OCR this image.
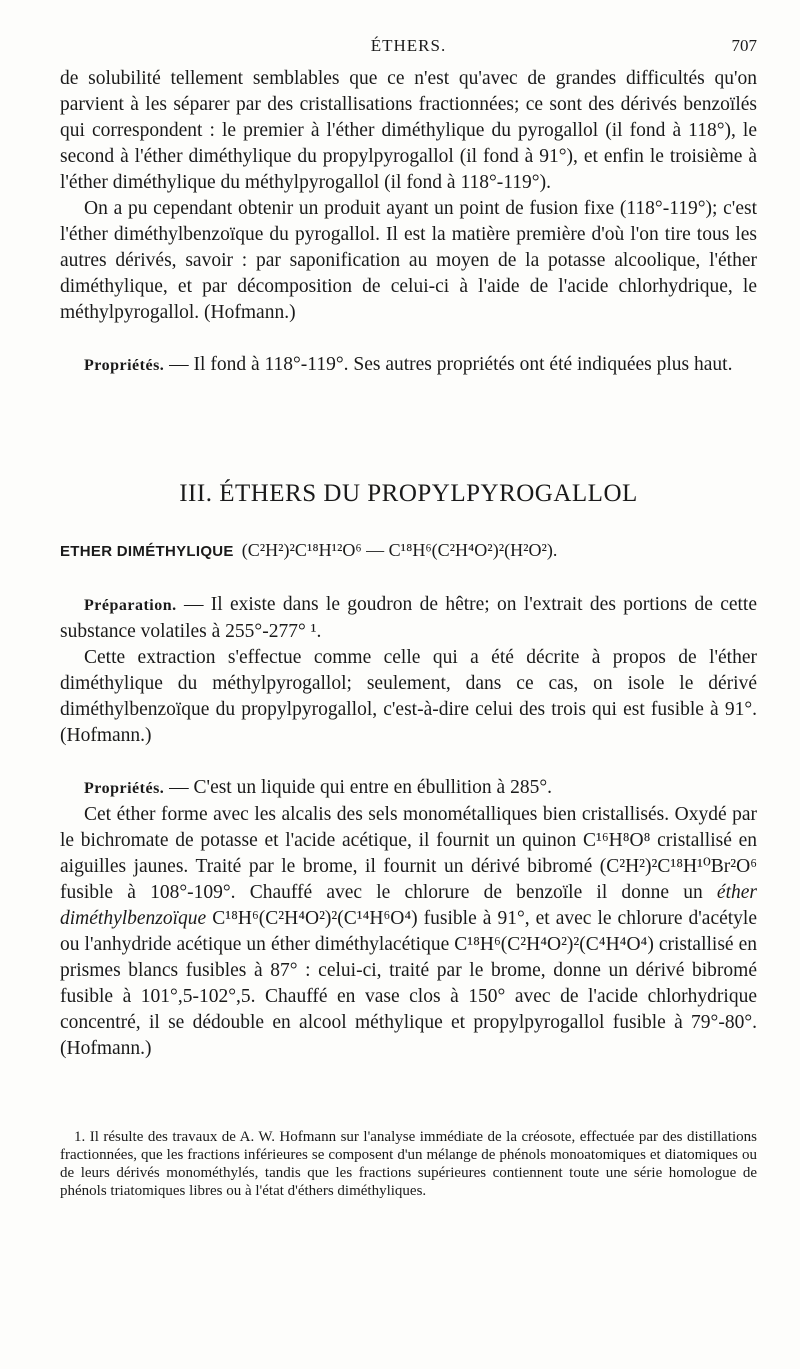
ÉTHERS.	707

de solubilité tellement semblables que ce n'est qu'avec de grandes difficultés qu'on parvient à les séparer par des cristallisations fractionnées; ce sont des dérivés benzoïlés qui correspondent : le premier à l'éther diméthylique du pyrogallol (il fond à 118°), le second à l'éther diméthylique du propylpyrogallol (il fond à 91°), et enfin le troisième à l'éther diméthylique du méthylpyrogallol (il fond à 118°-119°).

On a pu cependant obtenir un produit ayant un point de fusion fixe (118°-119°); c'est l'éther diméthylbenzoïque du pyrogallol. Il est la matière première d'où l'on tire tous les autres dérivés, savoir : par saponification au moyen de la potasse alcoolique, l'éther diméthylique, et par décomposition de celui-ci à l'aide de l'acide chlorhydrique, le méthylpyrogallol. (Hofmann.)

Propriétés. — Il fond à 118°-119°. Ses autres propriétés ont été indiquées plus haut.

III. ÉTHERS DU PROPYLPYROGALLOL
ETHER DIMÉTHYLIQUE (C²H²)²C¹⁸H¹²O⁶ — C¹⁸H⁶(C²H⁴O²)²(H²O²).

Préparation. — Il existe dans le goudron de hêtre; on l'extrait des portions de cette substance volatiles à 255°-277° ¹.

Cette extraction s'effectue comme celle qui a été décrite à propos de l'éther diméthylique du méthylpyrogallol; seulement, dans ce cas, on isole le dérivé diméthylbenzoïque du propylpyrogallol, c'est-à-dire celui des trois qui est fusible à 91°. (Hofmann.)

Propriétés. — C'est un liquide qui entre en ébullition à 285°.

Cet éther forme avec les alcalis des sels monométalliques bien cristallisés. Oxydé par le bichromate de potasse et l'acide acétique, il fournit un quinon C¹⁶H⁸O⁸ cristallisé en aiguilles jaunes. Traité par le brome, il fournit un dérivé bibromé (C²H²)²C¹⁸H¹⁰Br²O⁶ fusible à 108°-109°. Chauffé avec le chlorure de benzoïle il donne un éther diméthylbenzoïque C¹⁸H⁶(C²H⁴O²)²(C¹⁴H⁶O⁴) fusible à 91°, et avec le chlorure d'acétyle ou l'anhydride acétique un éther diméthylacétique C¹⁸H⁶(C²H⁴O²)²(C⁴H⁴O⁴) cristallisé en prismes blancs fusibles à 87° : celui-ci, traité par le brome, donne un dérivé bibromé fusible à 101°,5-102°,5. Chauffé en vase clos à 150° avec de l'acide chlorhydrique concentré, il se dédouble en alcool méthylique et propylpyrogallol fusible à 79°-80°. (Hofmann.)

1. Il résulte des travaux de A. W. Hofmann sur l'analyse immédiate de la créosote, effectuée par des distillations fractionnées, que les fractions inférieures se composent d'un mélange de phénols monoatomiques et diatomiques ou de leurs dérivés monométhylés, tandis que les fractions supérieures contiennent toute une série homologue de phénols triatomiques libres ou à l'état d'éthers diméthyliques.
